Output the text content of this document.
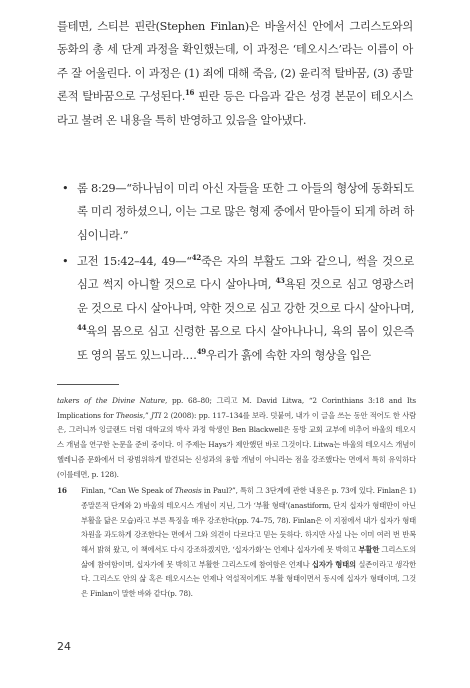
를테면, 스티븐 핀란(Stephen Finlan)은 바울서신 안에서 그리스도와의 동화의 총 세 단계 과정을 확인했는데, 이 과정은 ‘테오시스’라는 이름이 아주 잘 어울린다. 이 과정은 (1) 죄에 대해 죽음, (2) 윤리적 탈바꿈, (3) 종말론적 탈바꿈으로 구성된다.$^{16}$ 핀란 등은 다음과 같은 성경 본문이 테오시스라고 불려 온 내용을 특히 반영하고 있음을 알아냈다.

• 롬 8:29—“하나님이 미리 아신 자들을 또한 그 아들의 형상에 동화되도록 미리 정하셨으니, 이는 그로 많은 형제 중에서 맏아들이 되게 하려 하심이니라.”
• 고전 15:42–44, 49—“$^{42}$죽은 자의 부활도 그와 같으니, 썩을 것으로 심고 썩지 아니할 것으로 다시 살아나며, $^{43}$욕된 것으로 심고 영광스러운 것으로 다시 살아나며, 약한 것으로 심고 강한 것으로 다시 살아나며, $^{44}$육의 몸으로 심고 신령한 몸으로 다시 살아나나니, 육의 몸이 있은즉 또 영의 몸도 있느니라.…$^{49}$우리가 흙에 속한 자의 형상을 입은

takers of the Divine Nature, pp. 68–80; 그리고 M. David Litwa, “2 Corinthians 3:18 and Its Implications for Theosis,” JTI 2 (2008): pp. 117–134를 보라. 덧붙여, 내가 이 글을 쓰는 동안 적어도 한 사람은, 그러니까 잉글랜드 더럼 대학교의 박사 과정 학생인 Ben Blackwell은 동방 교회 교부에 비추어 바울의 테오시스 개념을 연구한 논문을 준비 중이다. 이 주제는 Hays가 제안했던 바로 그것이다. Litwa는 바울의 테오시스 개념이 헬레니즘 문화에서 더 광범위하게 발견되는 신성과의 융합 개념이 아니라는 점을 강조했다는 면에서 특히 유익하다(이를테면, p. 128).

16 Finlan, “Can We Speak of Theosis in Paul?”, 특히 그 3단계에 관한 내용은 p. 73에 있다. Finlan은 1) 종말론적 단계와 2) 바울의 테오시스 개념이 지닌, 그가 ‘부활 형태’(anastiform, 단지 십자가 형태만이 아닌 부활을 닮은 모습)라고 부른 특징을 매우 강조한다(pp. 74–75, 78). Finlan은 이 지점에서 내가 십자가 형태 차원을 과도하게 강조한다는 면에서 그와 의견이 다르다고 믿는 듯하다. 하지만 사실 나는 이미 여러 번 반복해서 밝혀 왔고, 이 책에서도 다시 강조하겠지만, ‘십자가화’는 언제나 십자가에 못 박히고 부활한 그리스도의 삶에 참여함이며, 십자가에 못 박히고 부활한 그리스도에 참여함은 언제나 십자가 형태의 실존이라고 생각한다. 그리스도 안의 삶 혹은 테오시스는 언제나 역설적이게도 부활 형태이면서 동시에 십자가 형태이며, 그것은 Finlan이 말한 바와 같다(p. 78).

24
